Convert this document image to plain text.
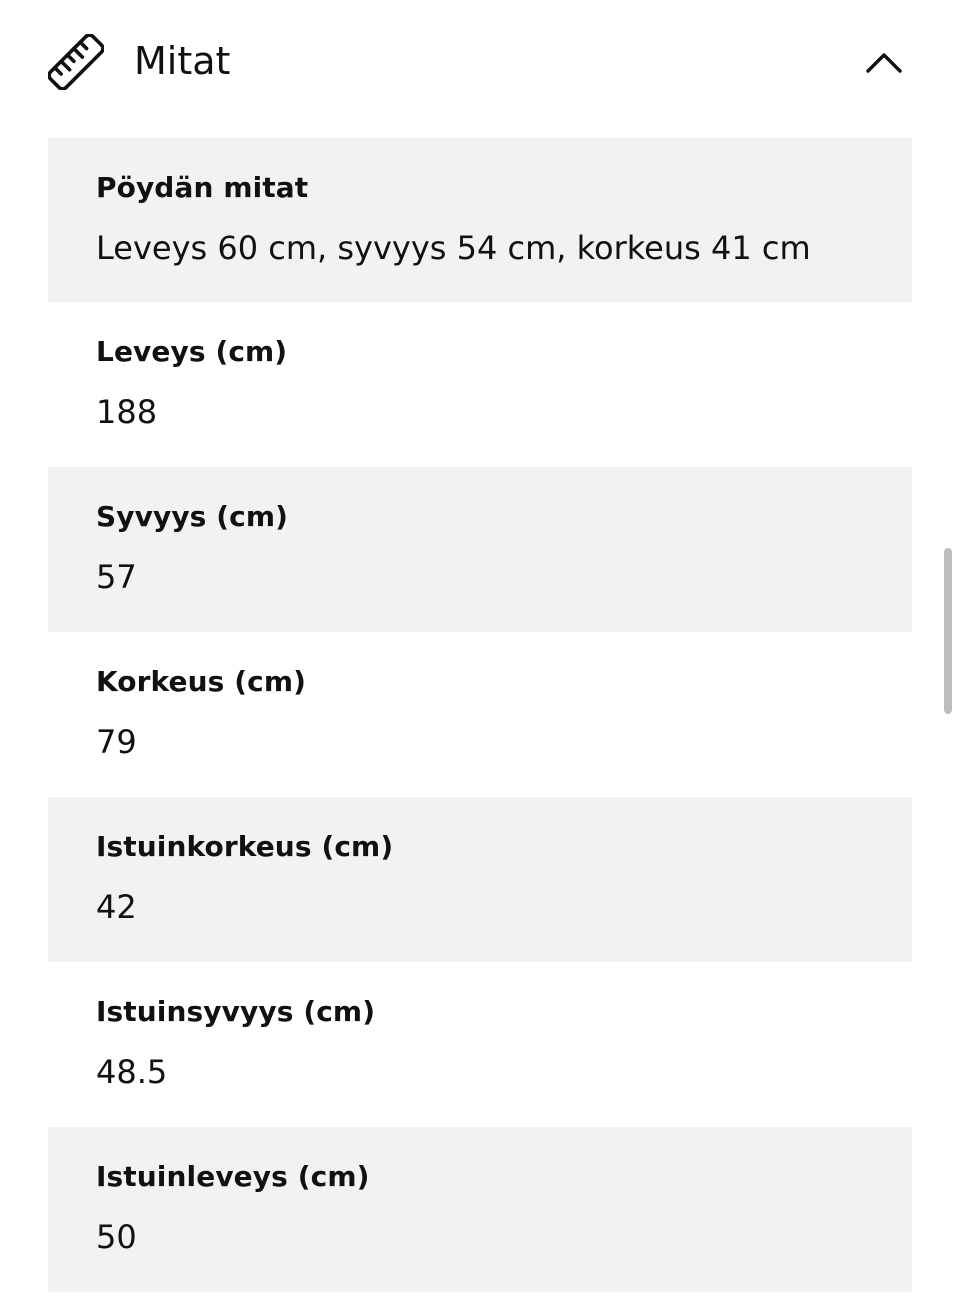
Mitat
Pöydän mitat
Leveys 60 cm, syvyys 54 cm, korkeus 41 cm
Leveys (cm)
188
Syvyys (cm)
57
Korkeus (cm)
79
Istuinkorkeus (cm)
42
Istuinsyvyys (cm)
48.5
Istuinleveys (cm)
50
